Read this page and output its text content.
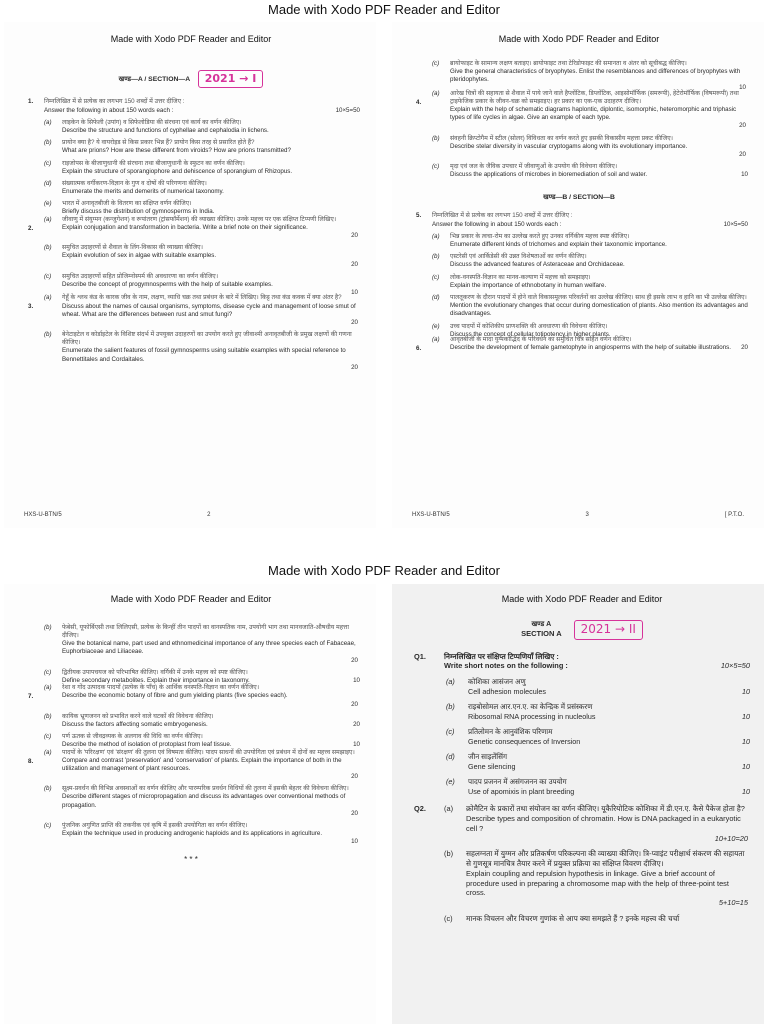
Made with Xodo PDF Reader and Editor
Made with Xodo PDF Reader and Editor
Made with Xodo PDF Reader and Editor
खण्ड—A / SECTION—A 2021 → I
1. निम्नलिखित में से प्रत्येक का लगभग 150 शब्दों में उत्तर दीजिए :
Answer the following in about 150 words each :	10×5=50
(a) लाइकेन के सिफेली (उपांग) व सिफेलोडिया की संरचना एवं कार्य का वर्णन कीजिए।
Describe the structure and functions of cyphellae and cephalodia in lichens.
(b) प्रायोन क्या है? ये वायरोइड से किस प्रकार भिन्न हैं? प्रायोन किस तरह से प्रसारित होते हैं?
What are prions? How are these different from viroids? How are prions transmitted?
(c) राइजोपस के बीजाणुधानी की संरचना तथा बीजाणुधानी के स्फुटन का वर्णन कीजिए।
Explain the structure of sporangiophore and dehiscence of sporangium of Rhizopus.
(d) संख्यात्मक वर्गीकरण-विज्ञान के गुण व दोषों की परिगणना कीजिए।
Enumerate the merits and demerits of numerical taxonomy.
(e) भारत में अनावृतबीजी के वितरण का संक्षिप्त वर्णन कीजिए।
Briefly discuss the distribution of gymnosperms in India.
2.
(a) जीवाणु में संयुग्मन (कन्जुगेशन) व रूपांतरण (ट्रांसफॉर्मेशन) की व्याख्या कीजिए। उनके महत्त्व पर एक संक्षिप्त टिप्पणी लिखिए।
Explain conjugation and transformation in bacteria. Write a brief note on their significance.
20
(b) समुचित उदाहरणों से शैवाल के लिंग-विकास की व्याख्या कीजिए।
Explain evolution of sex in algae with suitable examples.
20
(c) समुचित उदाहरणों सहित प्रोजिम्नोस्पर्म की अवधारणा का वर्णन कीजिए।
Describe the concept of progymnosperms with the help of suitable examples.
10
3.
(a) गेहूँ के श्लथ कंड के कारक जीव के नाम, लक्षण, व्याधि चक्र तथा प्रबंधन के बारे में लिखिए। किट्ट तथा कंड कवक में क्या अंतर है?
Discuss about the names of causal organisms, symptoms, disease cycle and management of loose smut of wheat. What are the differences between rust and smut fungi?
20
(b) बेनेटाइटेल व कोर्डाइटेल के विशिष्ट संदर्भ में उपयुक्त उदाहरणों का उपयोग करते हुए जीवाश्मी अनावृतबीजी के प्रमुख लक्षणों की गणना कीजिए।
Enumerate the salient features of fossil gymnosperms using suitable examples with special reference to Bennettitales and Cordaitales.
20
HXS-U-BTN/5	2
Made with Xodo PDF Reader and Editor
(c) ब्रायोफाइट के सामान्य लक्षण बताइए। ब्रायोफाइट तथा टेरिडोफाइट की समानता व अंतर को सूचीबद्ध कीजिए।
Give the general characteristics of bryophytes. Enlist the resemblances and differences of bryophytes with pteridophytes.
10
4.
(a) आरेख चित्रों की सहायता से शैवाल में पाये जाने वाले हैप्लोंटिक, डिप्लोंटिक, आइसोमॉर्फिक (समरूपी), हेटेरोमॉर्फिक (विषमरूपी) तथा ट्राइफेजिक प्रकार के जीवन-चक्र को समझाइए। हर प्रकार का एक-एक उदाहरण दीजिए।
Explain with the help of schematic diagrams haplontic, diplontic, isomorphic, heteromorphic and triphasic types of life cycles in algae. Give an example of each type.
20
(b) संवहनी क्रिप्टोगैम में स्टील (सोलर) विविधता का वर्णन करते हुए इसकी विकासीय महत्ता प्रकट कीजिए।
Describe stelar diversity in vascular cryptogams along with its evolutionary importance.
20
(c) मृदा एवं जल के जैविक उपचार में जीवाणुओं के उपयोग की विवेचना कीजिए।
Discuss the applications of microbes in bioremediation of soil and water.	10
खण्ड—B / SECTION—B
5. निम्नलिखित में से प्रत्येक का लगभग 150 शब्दों में उत्तर दीजिए :
Answer the following in about 150 words each :	10×5=50
(a) भिन्न प्रकार के त्वचा-रोम का उल्लेख करते हुए उनका वर्गिकीय महत्त्व स्पष्ट कीजिए।
Enumerate different kinds of trichomes and explain their taxonomic importance.
(b) एस्टरेसी एवं आर्किडेसी की उन्नत विशेषताओं का वर्णन कीजिए।
Discuss the advanced features of Asteraceae and Orchidaceae.
(c) लोक-वनस्पति-विज्ञान का मानव-कल्याण में महत्त्व को समझाइए।
Explain the importance of ethnobotany in human welfare.
(d) पालतूकरण के दौरान पादपों में होने वाले विकासमूलक परिवर्तनों का उल्लेख कीजिए। साथ ही इसके लाभ व हानि का भी उल्लेख कीजिए।
Mention the evolutionary changes that occur during domestication of plants. Also mention its advantages and disadvantages.
(e) उच्च पादपों में कोशिकीय प्राणशक्ति की अवधारणा की विवेचना कीजिए।
Discuss the concept of cellular totipotency in higher plants.
6.
(a) आवृतबीजी के मादा युग्मकोद्भिद के परिवर्धन का समुचित चित्र सहित वर्णन कीजिए।
Describe the development of female gametophyte in angiosperms with the help of suitable illustrations. 20
HXS-U-BTN/5	3	[ P.T.O.
Made with Xodo PDF Reader and Editor
(b) फेबेसी, यूफोर्बिएसी तथा लिलिएसी, प्रत्येक के किन्हीं तीन पादपों का वानस्पतिक नाम, उपयोगी भाग तथा मानवजाति-औषधीय महत्ता दीजिए।
Give the botanical name, part used and ethnomedicinal importance of any three species each of Fabaceae, Euphorbiaceae and Liliaceae.
20
(c) द्वितीयक उपापचयज को परिभाषित कीजिए। वर्गिकी में उनके महत्त्व को स्पष्ट कीजिए।
Define secondary metabolites. Explain their importance in taxonomy.	10
7.
(a) रेशा व गोंद उत्पादक पादपों (प्रत्येक के पाँच) के आर्थिक वनस्पति-विज्ञान का वर्णन कीजिए।
Describe the economic botany of fibre and gum yielding plants (five species each).
20
(b) कायिक भ्रूणजनन को प्रभावित करने वाले घटकों की विवेचना कीजिए।
Discuss the factors affecting somatic embryogenesis.	20
(c) पर्ण ऊतक से जीवद्रव्यक के अलगाव की विधि का वर्णन कीजिए।
Describe the method of isolation of protoplast from leaf tissue.	10
8.
(a) पादपों के 'परिरक्षण' एवं 'संरक्षण' की तुलना एवं विषमता कीजिए। पादप साधनों की उपयोगिता एवं प्रबंधन में दोनों का महत्त्व समझाइए।
Compare and contrast 'preservation' and 'conservation' of plants. Explain the importance of both in the utilization and management of plant resources.
20
(b) सूक्ष्म-प्रवर्धन की विभिन्न अवस्थाओं का वर्णन कीजिए और पारम्परिक प्रवर्धन विधियों की तुलना में इसकी बेहतर की विवेचना कीजिए।
Describe different stages of micropropagation and discuss its advantages over conventional methods of propagation.
20
(c) पुंजनिक अगुणित प्राप्ति की तकनीक एवं कृषि में इसकी उपयोगिता का वर्णन कीजिए।
Explain the technique used in producing androgenic haploids and its applications in agriculture.
10
* * *
Made with Xodo PDF Reader and Editor
खण्ड A
SECTION A	2021 → II
Q1. निम्नलिखित पर संक्षिप्त टिप्पणियाँ लिखिए :
Write short notes on the following :	10×5=50
(a) कोशिका आसंजन अणु
Cell adhesion molecules	10
(b) राइबोसोमल आर.एन.ए. का केन्द्रिक में प्रसंस्करण
Ribosomal RNA processing in nucleolus	10
(c) प्रतिलोमन के आनुवंशिक परिणाम
Genetic consequences of Inversion	10
(d) जीन साइलेंसिंग
Gene silencing	10
(e) पादप प्रजनन में असंगजनन का उपयोग
Use of apomixis in plant breeding	10
Q2. (a) क्रोमैटिन के प्रकारों तथा संयोजन का वर्णन कीजिए। यूकैरियोटिक कोशिका में डी.एन.ए. कैसे पैकेज होता है?
Describe types and composition of chromatin. How is DNA packaged in a eukaryotic cell ?
10+10=20
(b) सहलग्नता में युग्मन और प्रतिकर्षण परिकल्पना की व्याख्या कीजिए। त्रि-प्वाइंट परीक्षार्थ संकरण की सहायता से गुणसूत्र मानचित्र तैयार करने में प्रयुक्त प्रक्रिया का संक्षिप्त विवरण दीजिए।
Explain coupling and repulsion hypothesis in linkage. Give a brief account of procedure used in preparing a chromosome map with the help of three-point test cross.
5+10=15
(c) मानक विचलन और विचरण गुणांक से आप क्या समझते हैं ? इनके महत्त्व की चर्चा
